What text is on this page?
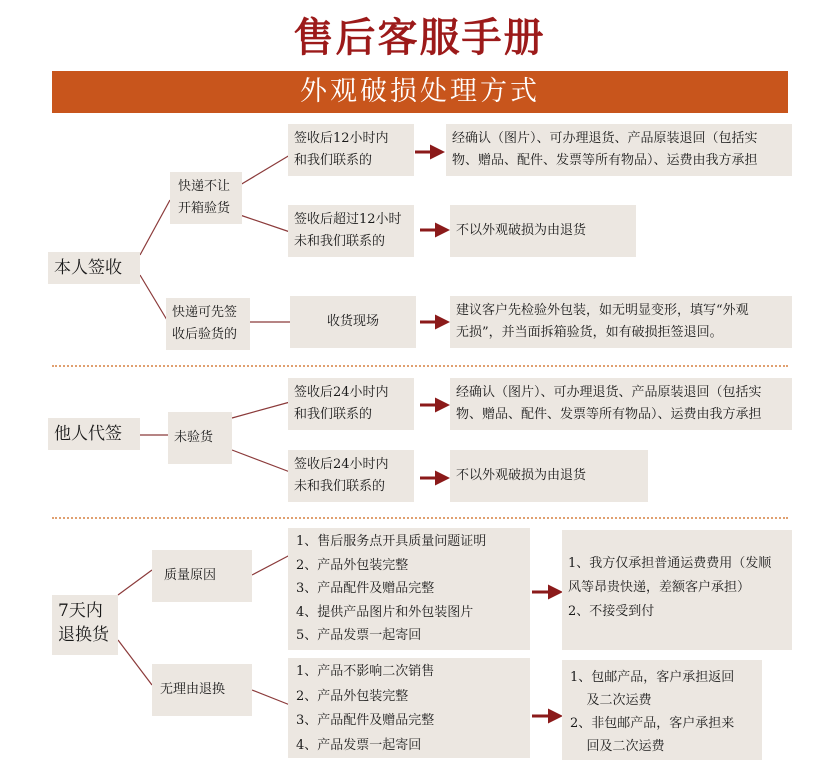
售后客服手册
外观破损处理方式
本人签收
快递不让
开箱验货
快递可先签
收后验货的
签收后12小时内
和我们联系的
签收后超过12小时
未和我们联系的
收货现场
经确认（图片）、可办理退货、产品原装退回（包括实
物、赠品、配件、发票等所有物品）、运费由我方承担
不以外观破损为由退货
建议客户先检验外包装，如无明显变形，填写“外观
无损”，并当面拆箱验货，如有破损拒签退回。
他人代签	未验货
签收后24小时内
和我们联系的
签收后24小时内
未和我们联系的
经确认（图片）、可办理退货、产品原装退回（包括实
物、赠品、配件、发票等所有物品）、运费由我方承担
不以外观破损为由退货
7天内
退换货
质量原因
无理由退换
1、售后服务点开具质量问题证明
2、产品外包装完整
3、产品配件及赠品完整
4、提供产品图片和外包装图片
5、产品发票一起寄回
1、产品不影响二次销售
2、产品外包装完整
3、产品配件及赠品完整
4、产品发票一起寄回
1、我方仅承担普通运费费用（发顺
风等昂贵快递，差额客户承担）
2、不接受到付
1、包邮产品，客户承担返回
及二次运费
2、非包邮产品，客户承担来
回及二次运费
